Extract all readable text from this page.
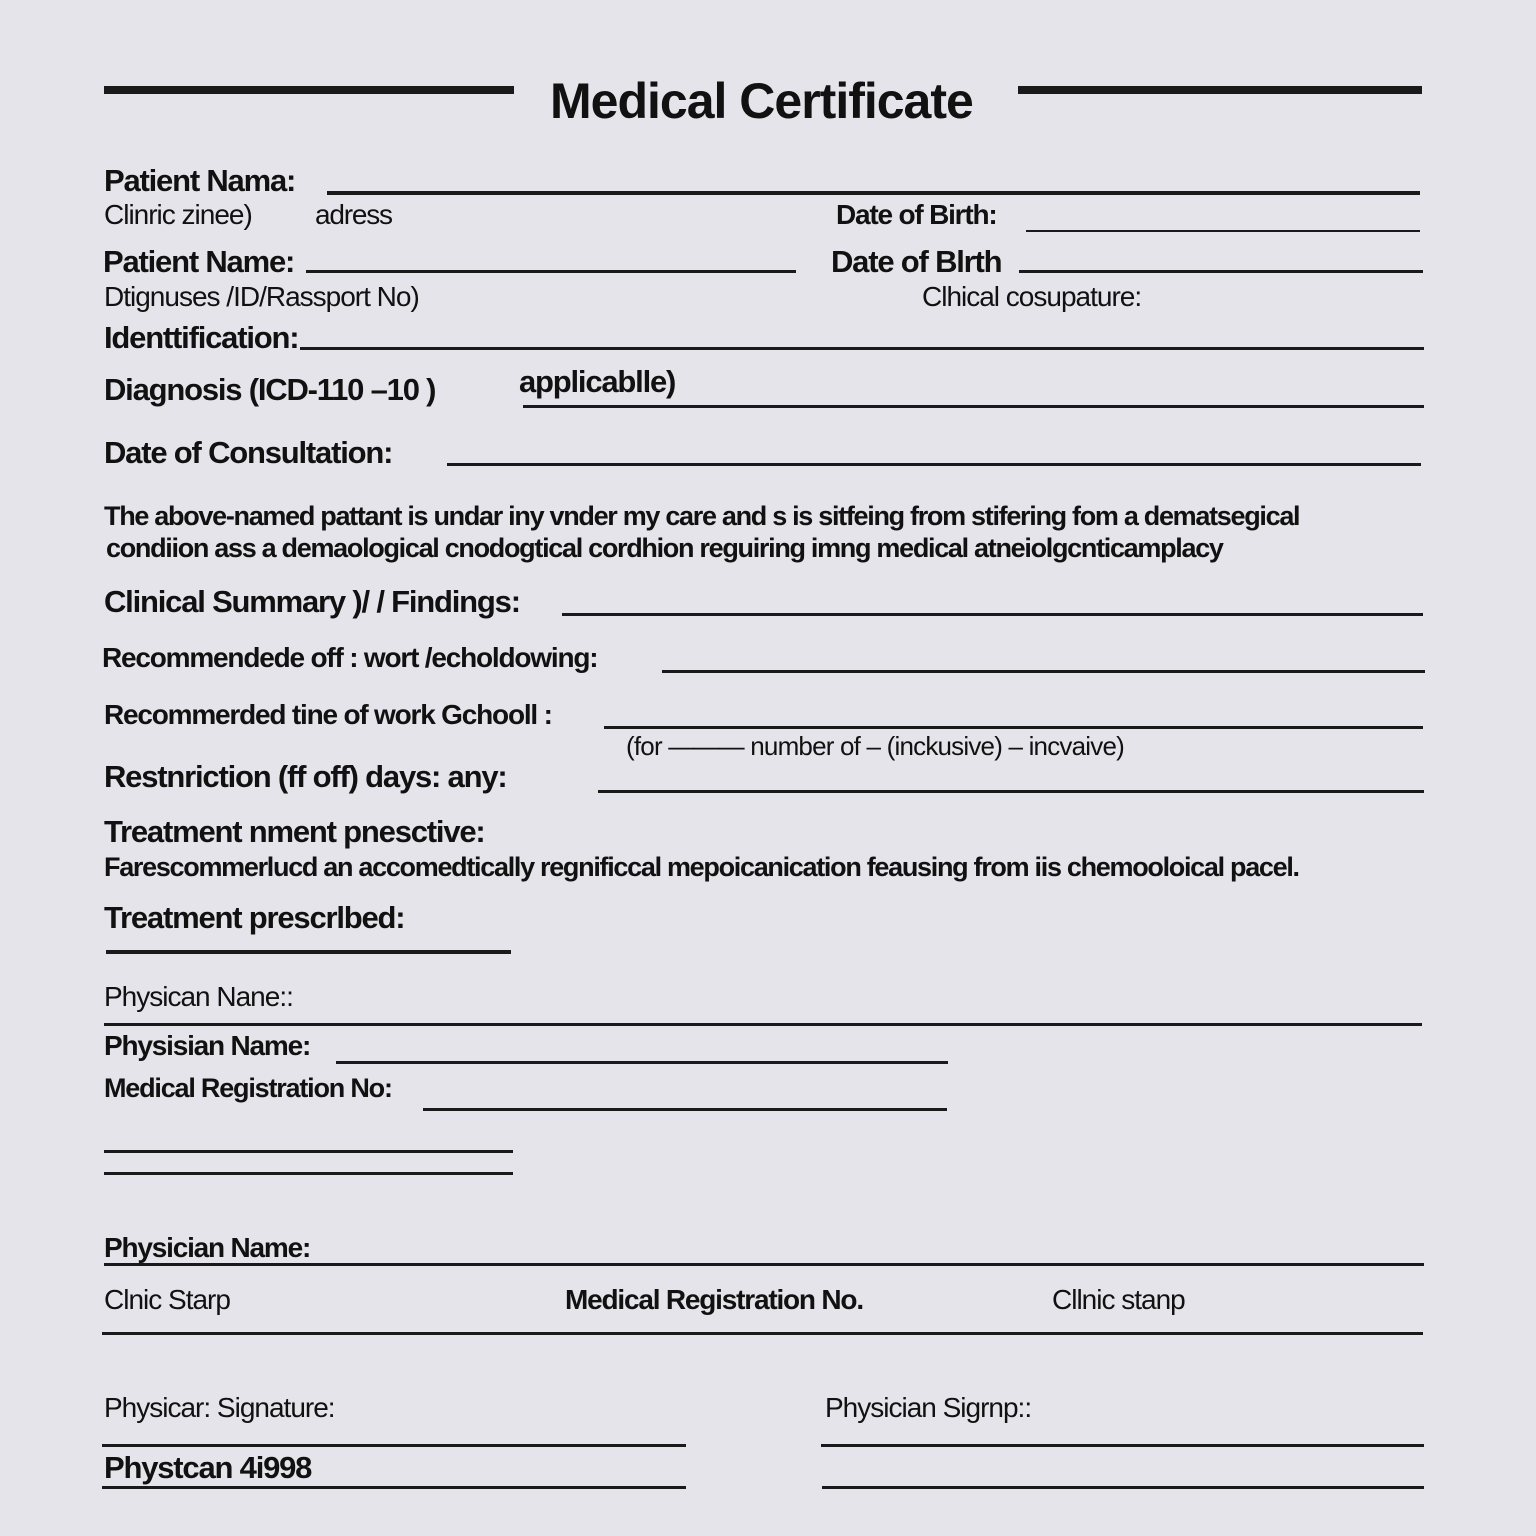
Medical Certificate
Patient Nama:
Clinric zinee) adress	Date of Birth:
Patient Name:	Date of Blrth
Dtignuses /ID/Rassport No)	Clhical cosupature:
Identtification:
Diagnosis (ICD-110 –10 )	applicablle)
Date of Consultation:
The above-named pattant is undar iny vnder my care and s is sitfeing from stifering fom a dematsegical
condiion ass a demaological cnodogtical cordhion reguiring imng medical atneiolgcnticamplacy
Clinical Summary )/ / Findings:
Recommendede off : wort /echoldowing:
Recommerded tine of work Gchooll :
(for ——— number of – (inckusive) – incvaive)
Restnriction (ff off) days: any:
Treatment nment pnesctive:
Farescommerlucd an accomedtically regnificcal mepoicanication feausing from iis chemooloical pacel.
Treatment prescrlbed:
Physican Nane::
Physisian Name:
Medical Registration No:
Physician Name:
Clnic Starp	Medical Registration No.	Cllnic stanp
Physicar: Signature:	Physician Sigrnp::
Phystcan 4i998
